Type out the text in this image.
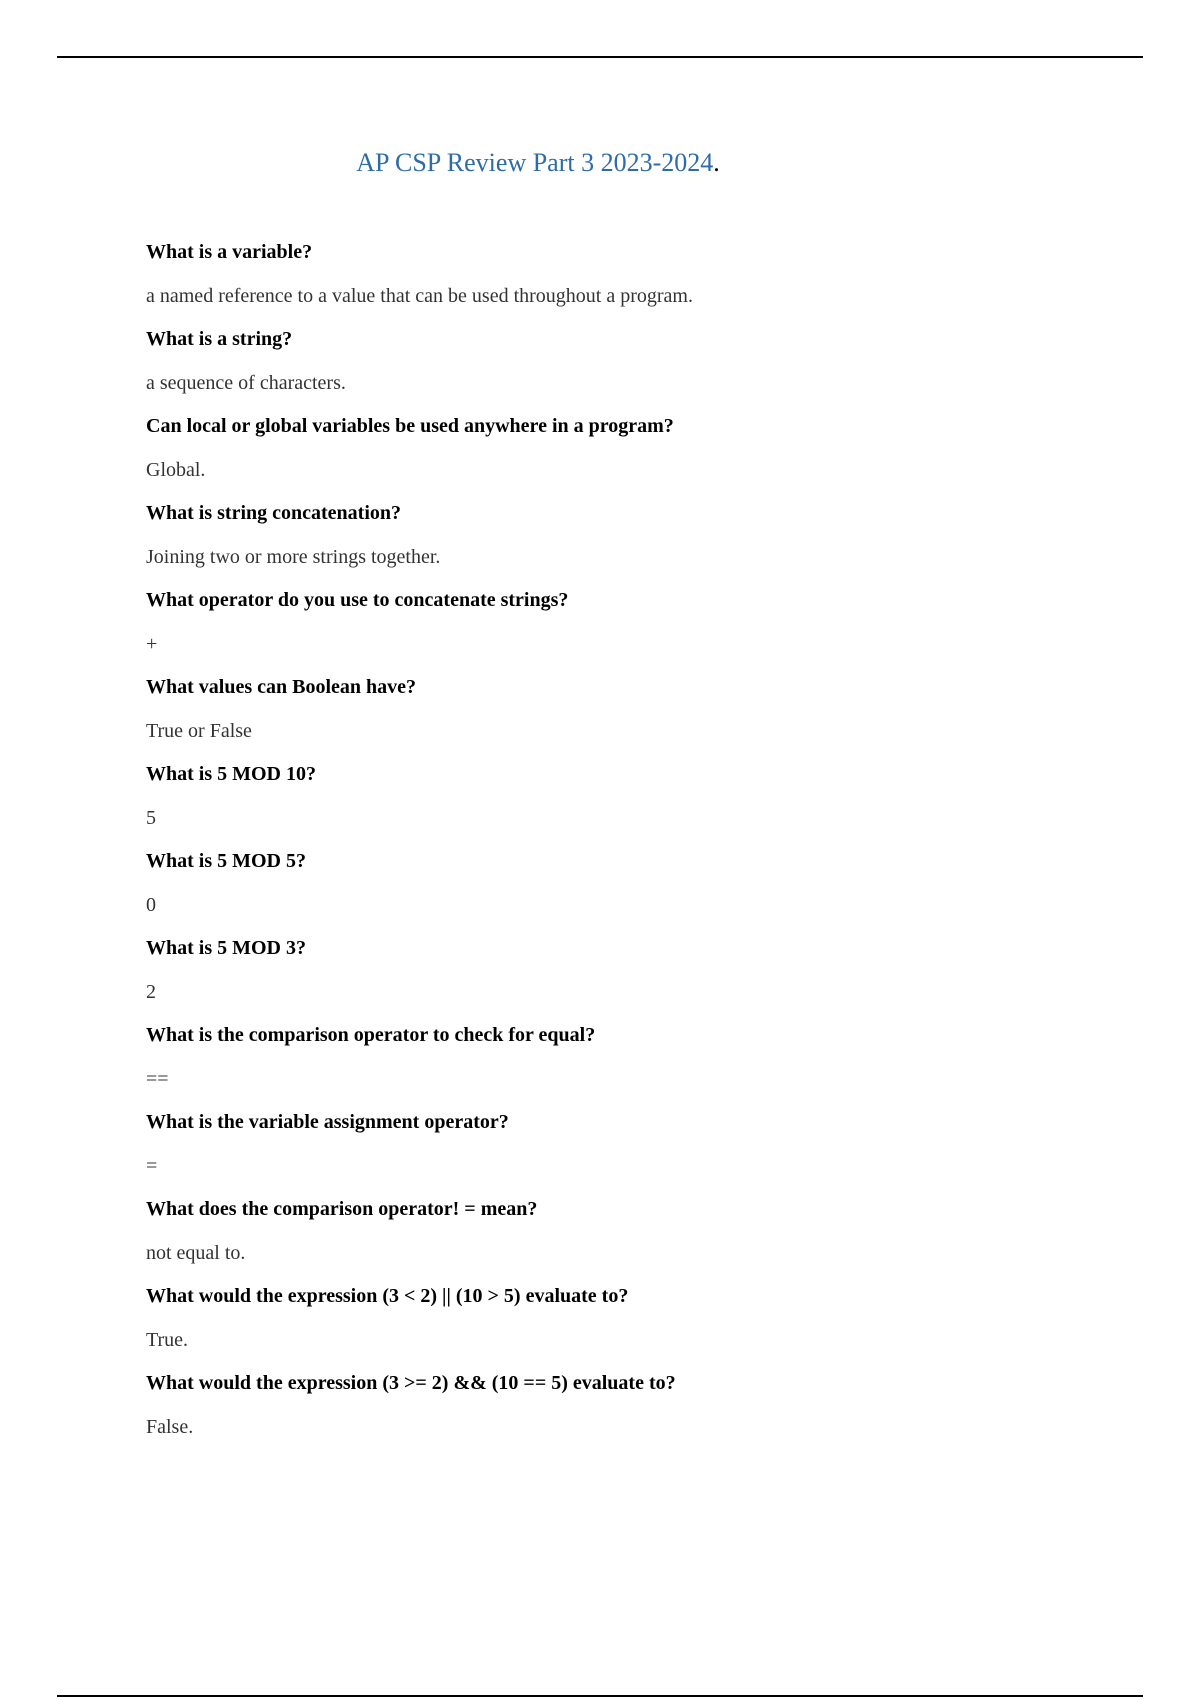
AP CSP Review Part 3 2023-2024.
What is a variable?
a named reference to a value that can be used throughout a program.
What is a string?
a sequence of characters.
Can local or global variables be used anywhere in a program?
Global.
What is string concatenation?
Joining two or more strings together.
What operator do you use to concatenate strings?
+
What values can Boolean have?
True or False
What is 5 MOD 10?
5
What is 5 MOD 5?
0
What is 5 MOD 3?
2
What is the comparison operator to check for equal?
==
What is the variable assignment operator?
=
What does the comparison operator! = mean?
not equal to.
What would the expression (3 < 2) || (10 > 5) evaluate to?
True.
What would the expression (3 >= 2) && (10 == 5) evaluate to?
False.
